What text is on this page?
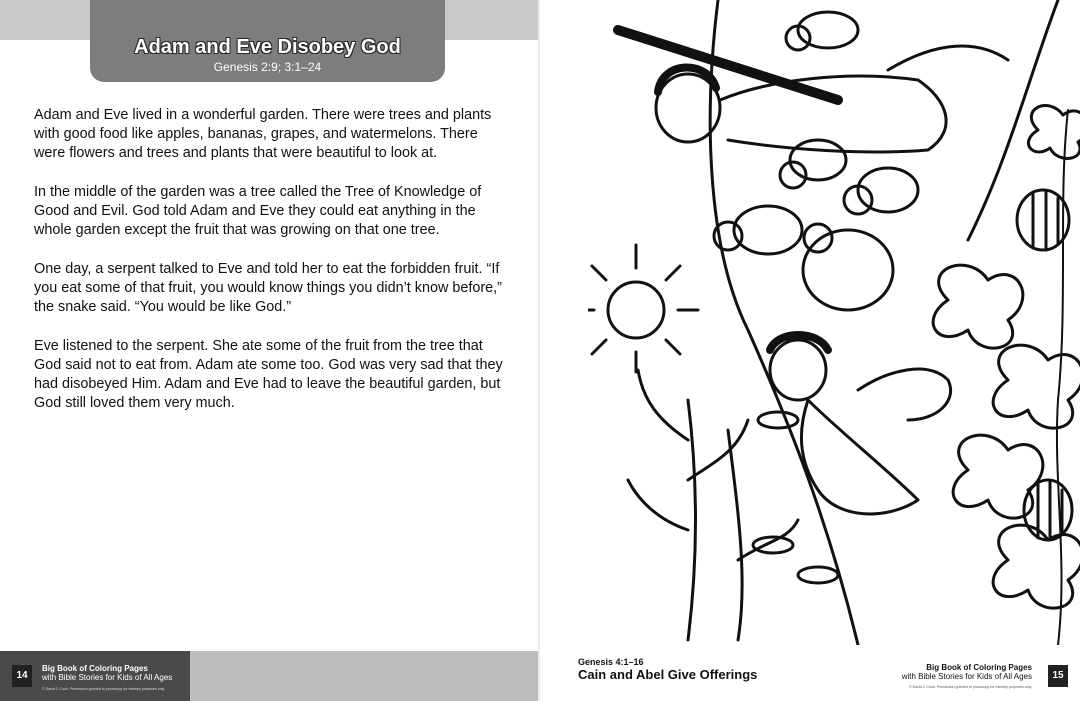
Adam and Eve Disobey God
Genesis 2:9; 3:1–24

Adam and Eve lived in a wonderful garden. There were trees and plants with good food like apples, bananas, grapes, and watermelons. There were flowers and trees and plants that were beautiful to look at.

In the middle of the garden was a tree called the Tree of Knowledge of Good and Evil. God told Adam and Eve they could eat anything in the whole garden except the fruit that was growing on that one tree.

One day, a serpent talked to Eve and told her to eat the forbidden fruit. “If you eat some of that fruit, you would know things you didn’t know before,” the snake said. “You would be like God.”

Eve listened to the serpent. She ate some of the fruit from the tree that God said not to eat from. Adam ate some too. God was very sad that they had disobeyed Him. Adam and Eve had to leave the beautiful garden, but God still loved them very much.

14
Big Book of Coloring Pages
with Bible Stories for Kids of All Ages
© David C Cook. Permission granted to photocopy for ministry purposes only.
Genesis 4:1–16
Cain and Abel Give Offerings	Big Book of Coloring Pages
with Bible Stories for Kids of All Ages
© David C Cook. Permission granted to photocopy for ministry purposes only.
15
